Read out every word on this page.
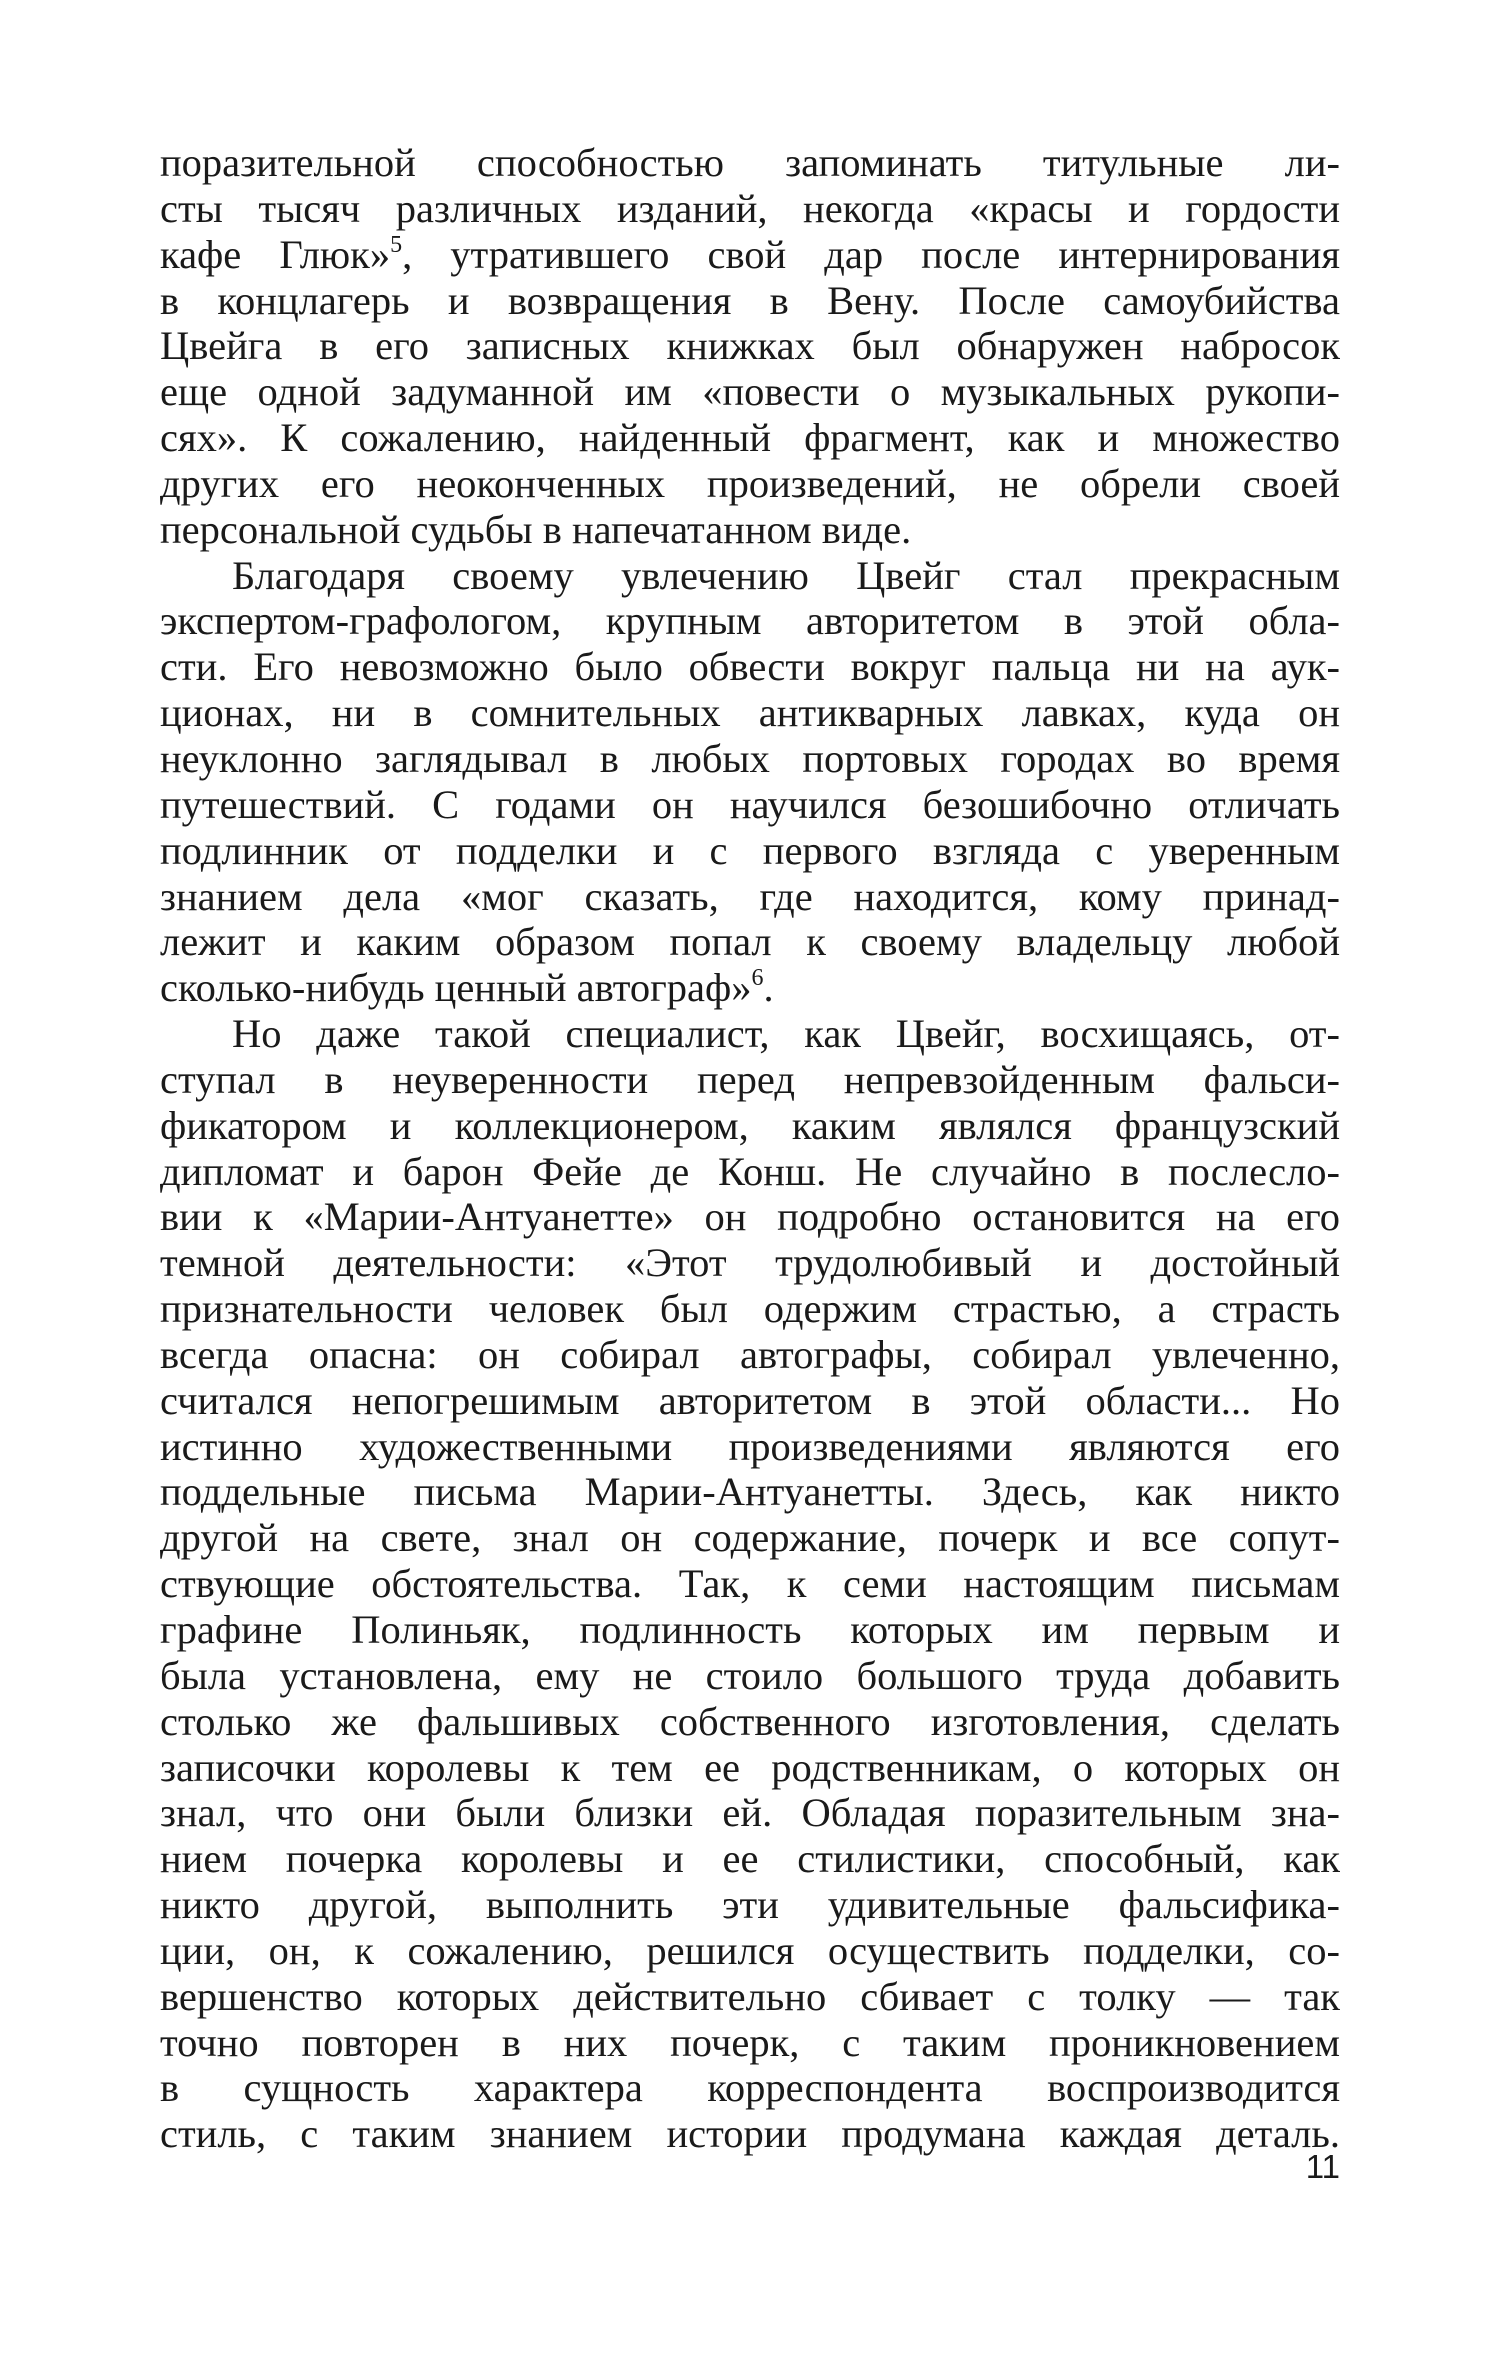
поразительной способностью запоминать титульные ли-
сты тысяч различных изданий, некогда «красы и гордости
кафе Глюк»$^5$, утратившего свой дар после интернирования
в концлагерь и возвращения в Вену. После самоубийства
Цвейга в его записных книжках был обнаружен набросок
еще одной задуманной им «повести о музыкальных рукопи-
сях». К сожалению, найденный фрагмент, как и множество
других его неоконченных произведений, не обрели своей
персональной судьбы в напечатанном виде.
Благодаря своему увлечению Цвейг стал прекрасным
экспертом-графологом, крупным авторитетом в этой обла-
сти. Его невозможно было обвести вокруг пальца ни на аук-
ционах, ни в сомнительных антикварных лавках, куда он
неуклонно заглядывал в любых портовых городах во время
путешествий. С годами он научился безошибочно отличать
подлинник от подделки и с первого взгляда с уверенным
знанием дела «мог сказать, где находится, кому принад-
лежит и каким образом попал к своему владельцу любой
сколько-нибудь ценный автограф»$^6$.
Но даже такой специалист, как Цвейг, восхищаясь, от-
ступал в неуверенности перед непревзойденным фальси-
фикатором и коллекционером, каким являлся французский
дипломат и барон Фейе де Конш. Не случайно в послесло-
вии к «Марии-Антуанетте» он подробно остановится на его
темной деятельности: «Этот трудолюбивый и достойный
признательности человек был одержим страстью, а страсть
всегда опасна: он собирал автографы, собирал увлеченно,
считался непогрешимым авторитетом в этой области... Но
истинно художественными произведениями являются его
поддельные письма Марии-Антуанетты. Здесь, как никто
другой на свете, знал он содержание, почерк и все сопут-
ствующие обстоятельства. Так, к семи настоящим письмам
графине Полиньяк, подлинность которых им первым и
была установлена, ему не стоило большого труда добавить
столько же фальшивых собственного изготовления, сделать
записочки королевы к тем ее родственникам, о которых он
знал, что они были близки ей. Обладая поразительным зна-
нием почерка королевы и ее стилистики, способный, как
никто другой, выполнить эти удивительные фальсифика-
ции, он, к сожалению, решился осуществить подделки, со-
вершенство которых действительно сбивает с толку — так
точно повторен в них почерк, с таким проникновением
в сущность характера корреспондента воспроизводится
стиль, с таким знанием истории продумана каждая деталь.
11
